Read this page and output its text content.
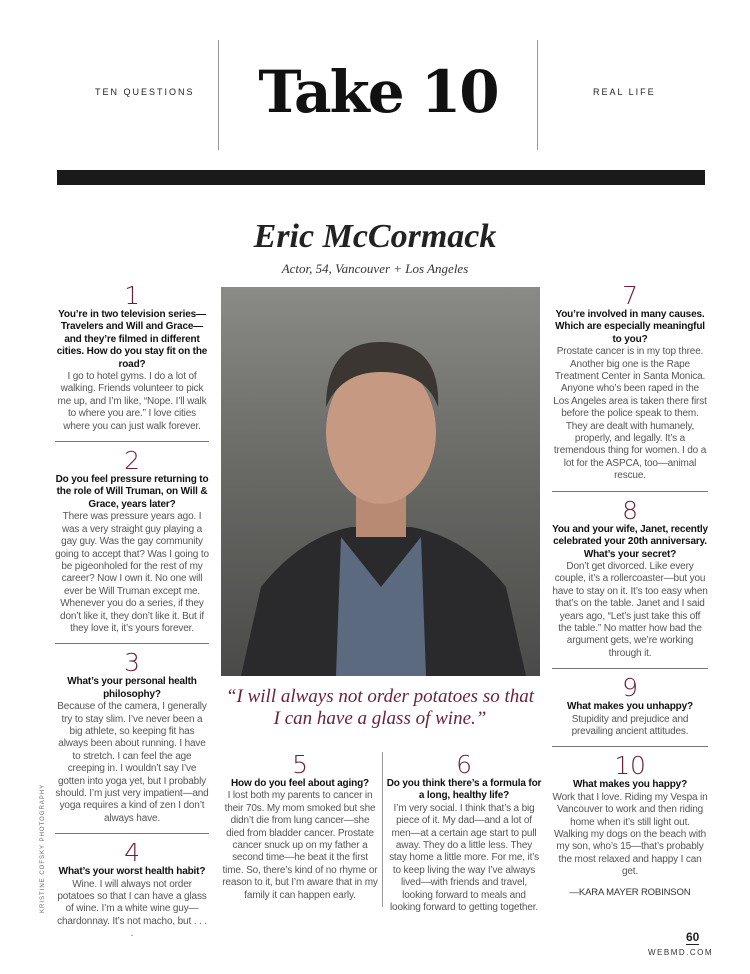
TEN QUESTIONS	Take 10	REAL LIFE
Eric McCormack
Actor, 54, Vancouver + Los Angeles
“I will always not order potatoes so that I can have a glass of wine.”
1
You’re in two television series—Travelers and Will and Grace—and they’re filmed in different cities. How do you stay fit on the road?
I go to hotel gyms. I do a lot of walking. Friends volunteer to pick me up, and I’m like, “Nope. I’ll walk to where you are.” I love cities where you can just walk forever.
2
Do you feel pressure returning to the role of Will Truman, on Will & Grace, years later?
There was pressure years ago. I was a very straight guy playing a gay guy. Was the gay community going to accept that? Was I going to be pigeonholed for the rest of my career? Now I own it. No one will ever be Will Truman except me. Whenever you do a series, if they don’t like it, they don’t like it. But if they love it, it’s yours forever.
3
What’s your personal health philosophy?
Because of the camera, I generally try to stay slim. I’ve never been a big athlete, so keeping fit has always been about running. I have to stretch. I can feel the age creeping in. I wouldn’t say I’ve gotten into yoga yet, but I probably should. I’m just very impatient—and yoga requires a kind of zen I don’t always have.
4
What’s your worst health habit?
Wine. I will always not order potatoes so that I can have a glass of wine. I’m a white wine guy—chardonnay. It’s not macho, but . . . .
5
How do you feel about aging?
I lost both my parents to cancer in their 70s. My mom smoked but she didn’t die from lung cancer—she died from bladder cancer. Prostate cancer snuck up on my father a second time—he beat it the first time. So, there’s kind of no rhyme or reason to it, but I’m aware that in my family it can happen early.
6
Do you think there’s a formula for a long, healthy life?
I’m very social. I think that’s a big piece of it. My dad—and a lot of men—at a certain age start to pull away. They do a little less. They stay home a little more. For me, it’s to keep living the way I’ve always lived—with friends and travel, looking forward to meals and looking forward to getting together.
7
You’re involved in many causes. Which are especially meaningful to you?
Prostate cancer is in my top three. Another big one is the Rape Treatment Center in Santa Monica. Anyone who’s been raped in the Los Angeles area is taken there first before the police speak to them. They are dealt with humanely, properly, and legally. It’s a tremendous thing for women. I do a lot for the ASPCA, too—animal rescue.
8
You and your wife, Janet, recently celebrated your 20th anniversary. What’s your secret?
Don’t get divorced. Like every couple, it’s a rollercoaster—but you have to stay on it. It’s too easy when that’s on the table. Janet and I said years ago, “Let’s just take this off the table.” No matter how bad the argument gets, we’re working through it.
9
What makes you unhappy?
Stupidity and prejudice and prevailing ancient attitudes.
10
What makes you happy?
Work that I love. Riding my Vespa in Vancouver to work and then riding home when it’s still light out. Walking my dogs on the beach with my son, who’s 15—that’s probably the most relaxed and happy I can get.
—KARA MAYER ROBINSON
KRISTINE COFSKY PHOTOGRAPHY
60
WEBMD.COM
